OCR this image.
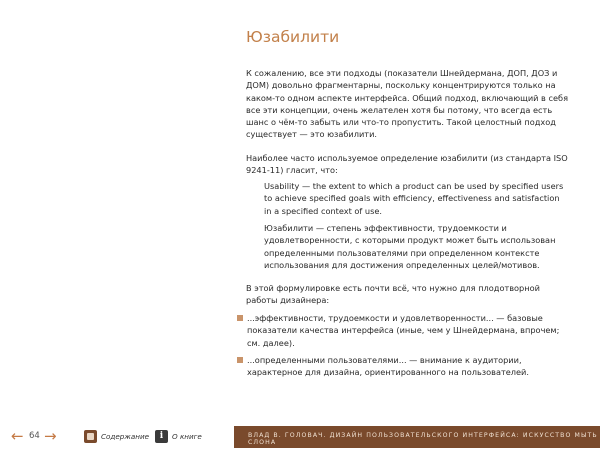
Юзабилити

К сожалению, все эти подходы (показатели Шнейдермана, ДОП, ДОЗ и ДОМ) довольно фрагментарны, поскольку концентрируются только на каком-то одном аспекте интерфейса. Общий подход, включающий в себя все эти концепции, очень желателен хотя бы потому, что всегда есть шанс о чём-то забыть или что-то пропустить. Такой целостный подход существует — это юзабилити.

Наиболее часто используемое определение юзабилити (из стандарта ISO 9241-11) гласит, что:

Usability — the extent to which a product can be used by specified users to achieve specified goals with efficiency, effectiveness and satisfaction in a specified context of use.

Юзабилити — степень эффективности, трудоемкости и удовлетворенности, с которыми продукт может быть использован определенными пользователями при определенном контексте использования для достижения определенных целей/мотивов.

В этой формулировке есть почти всё, что нужно для плодотворной работы дизайнера:

...эффективности, трудоемкости и удовлетворенности... — базовые показатели качества интерфейса (иные, чем у Шнейдермана, впрочем; см. далее).
...определенными пользователями... — внимание к аудитории, характерное для дизайна, ориентированного на пользователей.
← 64 →	Содержание	i	О книге	ВЛАД В. ГОЛОВАЧ. ДИЗАЙН ПОЛЬЗОВАТЕЛЬСКОГО ИНТЕРФЕЙСА: ИСКУССТВО МЫТЬ СЛОНА
